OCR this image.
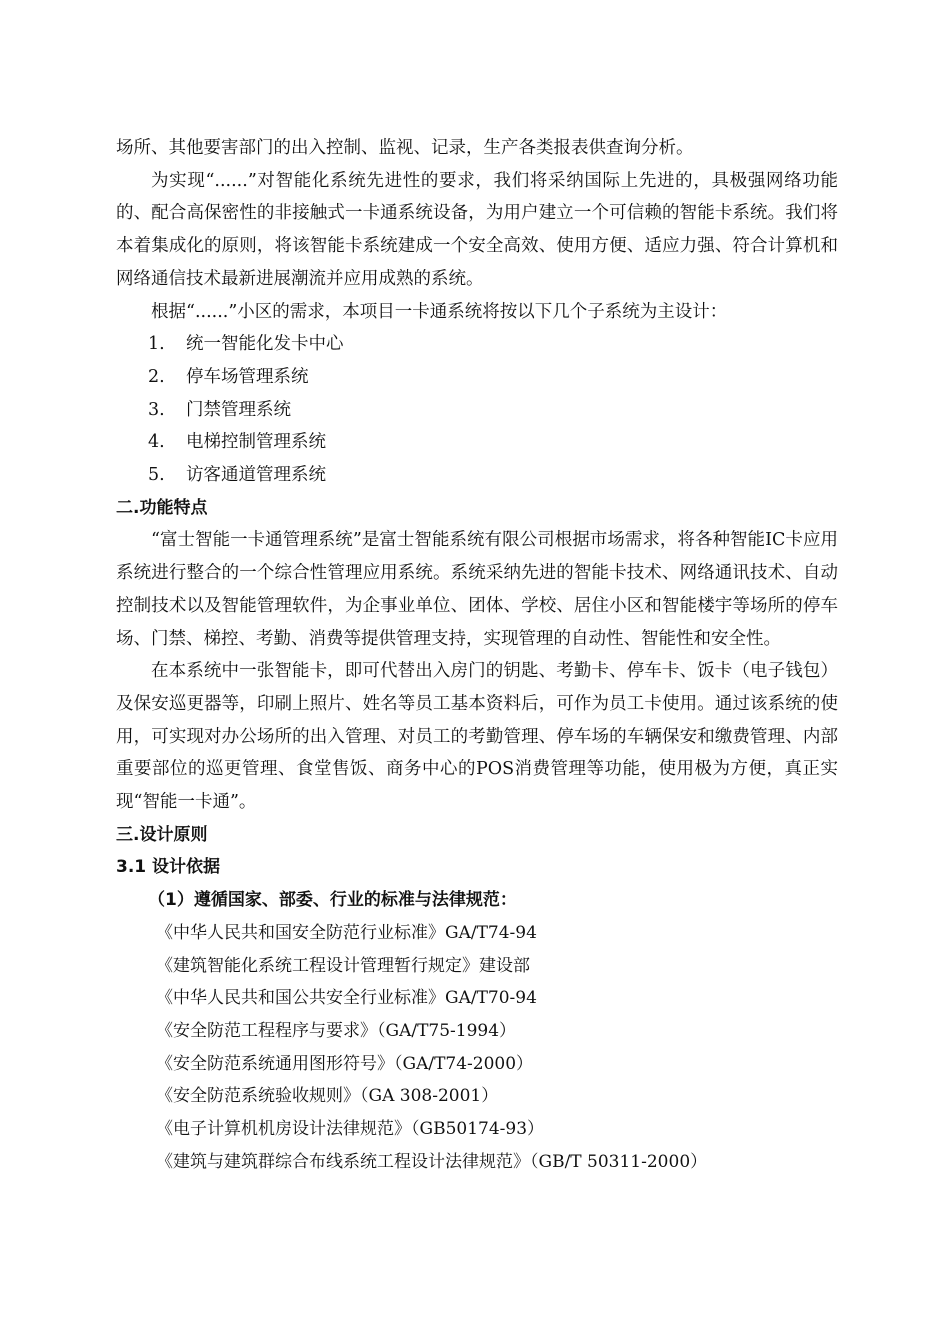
场所、其他要害部门的出入控制、监视、记录，生产各类报表供查询分析。

为实现“......”对智能化系统先进性的要求，我们将采纳国际上先进的，具极强网络功能的、配合高保密性的非接触式一卡通系统设备，为用户建立一个可信赖的智能卡系统。我们将本着集成化的原则，将该智能卡系统建成一个安全高效、使用方便、适应力强、符合计算机和网络通信技术最新进展潮流并应用成熟的系统。

根据“......”小区的需求，本项目一卡通系统将按以下几个子系统为主设计：

1. 统一智能化发卡中心
2. 停车场管理系统
3. 门禁管理系统
4. 电梯控制管理系统
5. 访客通道管理系统
二.功能特点

“富士智能一卡通管理系统”是富士智能系统有限公司根据市场需求，将各种智能IC卡应用系统进行整合的一个综合性管理应用系统。系统采纳先进的智能卡技术、网络通讯技术、自动控制技术以及智能管理软件，为企事业单位、团体、学校、居住小区和智能楼宇等场所的停车场、门禁、梯控、考勤、消费等提供管理支持，实现管理的自动性、智能性和安全性。

在本系统中一张智能卡，即可代替出入房门的钥匙、考勤卡、停车卡、饭卡（电子钱包）及保安巡更器等，印刷上照片、姓名等员工基本资料后，可作为员工卡使用。通过该系统的使用，可实现对办公场所的出入管理、对员工的考勤管理、停车场的车辆保安和缴费管理、内部重要部位的巡更管理、食堂售饭、商务中心的POS消费管理等功能，使用极为方便，真正实现“智能一卡通”。

三.设计原则
3.1 设计依据
（1）遵循国家、部委、行业的标准与法律规范：
《中华人民共和国安全防范行业标准》GA/T74-94
《建筑智能化系统工程设计管理暂行规定》建设部
《中华人民共和国公共安全行业标准》GA/T70-94
《安全防范工程程序与要求》（GA/T75-1994）
《安全防范系统通用图形符号》（GA/T74-2000）
《安全防范系统验收规则》（GA 308-2001）
《电子计算机机房设计法律规范》（GB50174-93）
《建筑与建筑群综合布线系统工程设计法律规范》（GB/T 50311-2000）
